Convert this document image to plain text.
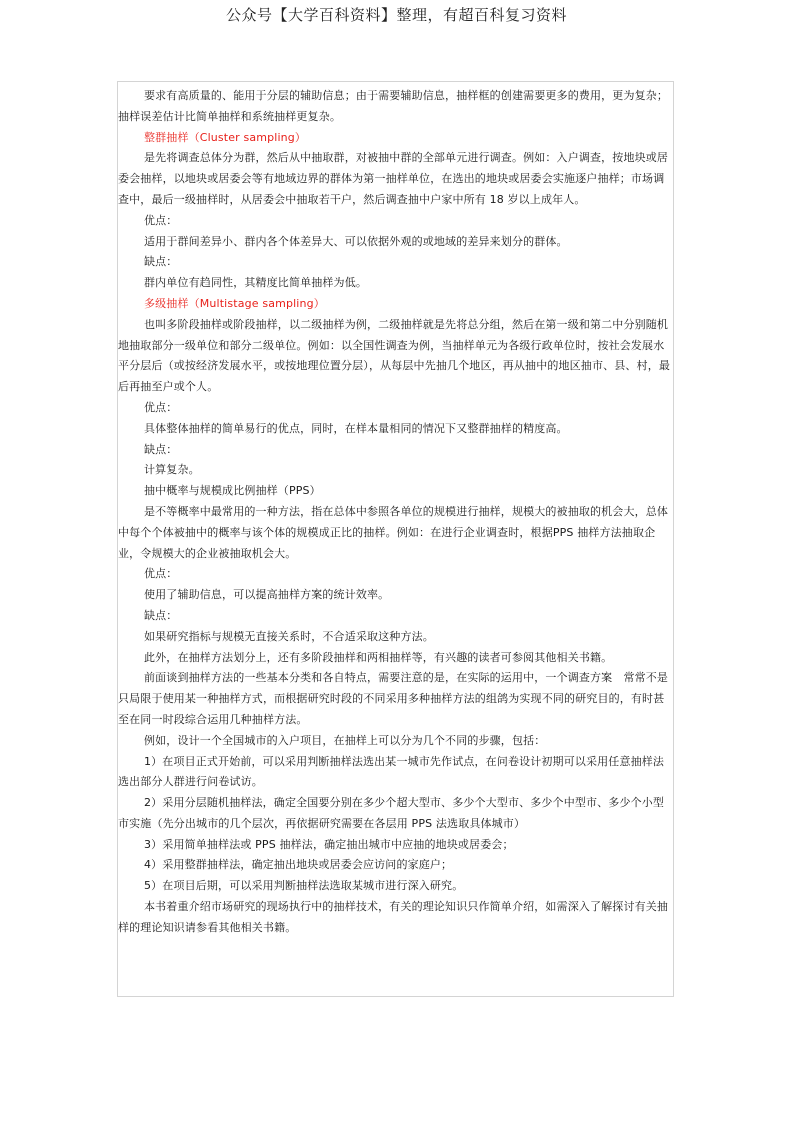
公众号【大学百科资料】整理，有超百科复习资料

要求有高质量的、能用于分层的辅助信息；由于需要辅助信息，抽样框的创建需要更多的费用，更为复杂；抽样误差估计比简单抽样和系统抽样更复杂。

整群抽样（Cluster sampling）

是先将调查总体分为群，然后从中抽取群，对被抽中群的全部单元进行调查。例如：入户调查，按地块或居委会抽样，以地块或居委会等有地域边界的群体为第一抽样单位，在选出的地块或居委会实施逐户抽样；市场调查中，最后一级抽样时，从居委会中抽取若干户，然后调查抽中户家中所有 18 岁以上成年人。

优点：

适用于群间差异小、群内各个体差异大、可以依据外观的或地域的差异来划分的群体。

缺点：

群内单位有趋同性，其精度比简单抽样为低。

多级抽样（Multistage sampling）

也叫多阶段抽样或阶段抽样，以二级抽样为例，二级抽样就是先将总分组，然后在第一级和第二中分别随机地抽取部分一级单位和部分二级单位。例如：以全国性调查为例，当抽样单元为各级行政单位时，按社会发展水平分层后（或按经济发展水平，或按地理位置分层），从每层中先抽几个地区，再从抽中的地区抽市、县、村，最后再抽至户或个人。

优点：

具体整体抽样的简单易行的优点，同时，在样本量相同的情况下又整群抽样的精度高。

缺点：

计算复杂。

抽中概率与规模成比例抽样（PPS）

是不等概率中最常用的一种方法，指在总体中参照各单位的规模进行抽样，规模大的被抽取的机会大，总体中每个个体被抽中的概率与该个体的规模成正比的抽样。例如：在进行企业调查时，根据PPS 抽样方法抽取企业，令规模大的企业被抽取机会大。

优点：

使用了辅助信息，可以提高抽样方案的统计效率。

缺点：

如果研究指标与规模无直接关系时，不合适采取这种方法。

此外，在抽样方法划分上，还有多阶段抽样和两相抽样等，有兴趣的读者可参阅其他相关书籍。

前面谈到抽样方法的一些基本分类和各自特点，需要注意的是，在实际的运用中，一个调查方案　常常不是只局限于使用某一种抽样方式，而根据研究时段的不同采用多种抽样方法的组鸽为实现不同的研究目的，有时甚至在同一时段综合运用几种抽样方法。

例如，设计一个全国城市的入户项目，在抽样上可以分为几个不同的步骤，包括：

1）在项目正式开始前，可以采用判断抽样法选出某一城市先作试点，在问卷设计初期可以采用任意抽样法选出部分人群进行问卷试访。

2）采用分层随机抽样法，确定全国要分别在多少个超大型市、多少个大型市、多少个中型市、多少个小型市实施（先分出城市的几个层次，再依据研究需要在各层用 PPS 法选取具体城市）

3）采用简单抽样法或 PPS 抽样法，确定抽出城市中应抽的地块或居委会；

4）采用整群抽样法，确定抽出地块或居委会应访问的家庭户；

5）在项目后期，可以采用判断抽样法选取某城市进行深入研究。

本书着重介绍市场研究的现场执行中的抽样技术，有关的理论知识只作简单介绍，如需深入了解探讨有关抽样的理论知识请参看其他相关书籍。
